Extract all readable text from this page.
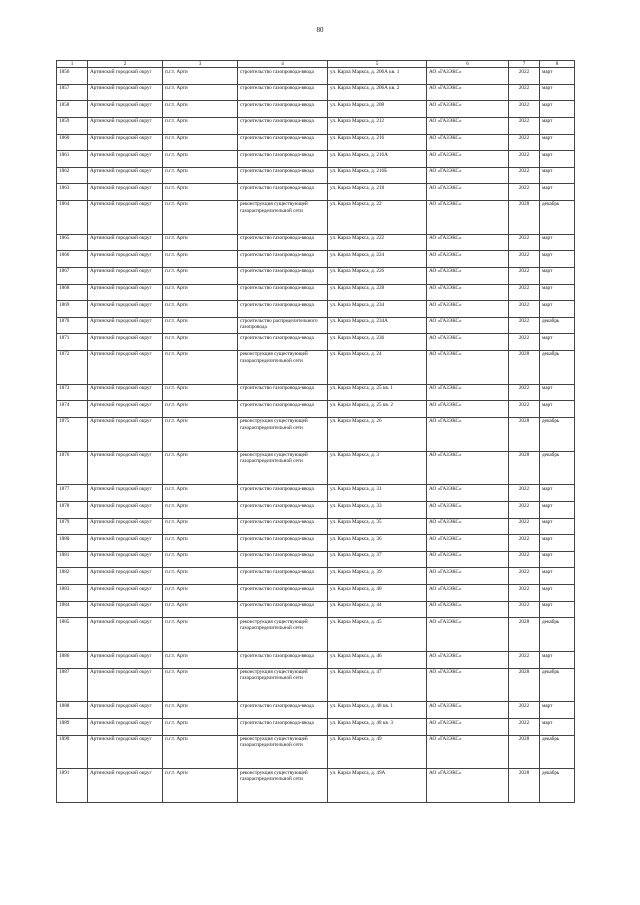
80
1	2	3	4	5	6	7	8
1856	Артинский городской округ	п.г.т. Арти	строительство газопровода-ввода	ул. Карла Маркса, д. 206А кв. 1	АО «ГАЗЭКС»	2022	март
1857	Артинский городской округ	п.г.т. Арти	строительство газопровода-ввода	ул. Карла Маркса, д. 206А кв. 2	АО «ГАЗЭКС»	2022	март
1858	Артинский городской округ	п.г.т. Арти	строительство газопровода-ввода	ул. Карла Маркса, д. 208	АО «ГАЗЭКС»	2022	март
1859	Артинский городской округ	п.г.т. Арти	строительство газопровода-ввода	ул. Карла Маркса, д. 212	АО «ГАЗЭКС»	2022	март
1860	Артинский городской округ	п.г.т. Арти	строительство газопровода-ввода	ул. Карла Маркса, д. 216	АО «ГАЗЭКС»	2022	март
1861	Артинский городской округ	п.г.т. Арти	строительство газопровода-ввода	ул. Карла Маркса, д. 216А	АО «ГАЗЭКС»	2022	март
1862	Артинский городской округ	п.г.т. Арти	строительство газопровода-ввода	ул. Карла Маркса, д. 216Б	АО «ГАЗЭКС»	2022	март
1863	Артинский городской округ	п.г.т. Арти	строительство газопровода-ввода	ул. Карла Маркса, д. 218	АО «ГАЗЭКС»	2022	март
1864	Артинский городской округ	п.г.т. Арти	реконструкция существующей газораспределительной сети	ул. Карла Маркса, д. 22	АО «ГАЗЭКС»	2028	декабрь
1865	Артинский городской округ	п.г.т. Арти	строительство газопровода-ввода	ул. Карла Маркса, д. 222	АО «ГАЗЭКС»	2022	март
1866	Артинский городской округ	п.г.т. Арти	строительство газопровода-ввода	ул. Карла Маркса, д. 224	АО «ГАЗЭКС»	2022	март
1867	Артинский городской округ	п.г.т. Арти	строительство газопровода-ввода	ул. Карла Маркса, д. 226	АО «ГАЗЭКС»	2022	март
1868	Артинский городской округ	п.г.т. Арти	строительство газопровода-ввода	ул. Карла Маркса, д. 228	АО «ГАЗЭКС»	2022	март
1869	Артинский городской округ	п.г.т. Арти	строительство газопровода-ввода	ул. Карла Маркса, д. 234	АО «ГАЗЭКС»	2022	март
1870	Артинский городской округ	п.г.т. Арти	строительство распределительного газопровода	ул. Карла Маркса, д. 234А	АО «ГАЗЭКС»	2022	декабрь
1871	Артинский городской округ	п.г.т. Арти	строительство газопровода-ввода	ул. Карла Маркса, д. 236	АО «ГАЗЭКС»	2022	март
1872	Артинский городской округ	п.г.т. Арти	реконструкция существующей газораспределительной сети	ул. Карла Маркса, д. 24	АО «ГАЗЭКС»	2028	декабрь
1873	Артинский городской округ	п.г.т. Арти	строительство газопровода-ввода	ул. Карла Маркса, д. 25 кв. 1	АО «ГАЗЭКС»	2022	март
1874	Артинский городской округ	п.г.т. Арти	строительство газопровода-ввода	ул. Карла Маркса, д. 25 кв. 2	АО «ГАЗЭКС»	2022	март
1875	Артинский городской округ	п.г.т. Арти	реконструкция существующей газораспределительной сети	ул. Карла Маркса, д. 26	АО «ГАЗЭКС»	2028	декабрь
1876	Артинский городской округ	п.г.т. Арти	реконструкция существующей газораспределительной сети	ул. Карла Маркса, д. 3	АО «ГАЗЭКС»	2028	декабрь
1877	Артинский городской округ	п.г.т. Арти	строительство газопровода-ввода	ул. Карла Маркса, д. 31	АО «ГАЗЭКС»	2022	март
1878	Артинский городской округ	п.г.т. Арти	строительство газопровода-ввода	ул. Карла Маркса, д. 33	АО «ГАЗЭКС»	2022	март
1879	Артинский городской округ	п.г.т. Арти	строительство газопровода-ввода	ул. Карла Маркса, д. 35	АО «ГАЗЭКС»	2022	март
1880	Артинский городской округ	п.г.т. Арти	строительство газопровода-ввода	ул. Карла Маркса, д. 36	АО «ГАЗЭКС»	2022	март
1881	Артинский городской округ	п.г.т. Арти	строительство газопровода-ввода	ул. Карла Маркса, д. 37	АО «ГАЗЭКС»	2022	март
1882	Артинский городской округ	п.г.т. Арти	строительство газопровода-ввода	ул. Карла Маркса, д. 39	АО «ГАЗЭКС»	2022	март
1883	Артинский городской округ	п.г.т. Арти	строительство газопровода-ввода	ул. Карла Маркса, д. 40	АО «ГАЗЭКС»	2022	март
1884	Артинский городской округ	п.г.т. Арти	строительство газопровода-ввода	ул. Карла Маркса, д. 44	АО «ГАЗЭКС»	2022	март
1885	Артинский городской округ	п.г.т. Арти	реконструкция существующей газораспределительной сети	ул. Карла Маркса, д. 45	АО «ГАЗЭКС»	2028	декабрь
1886	Артинский городской округ	п.г.т. Арти	строительство газопровода-ввода	ул. Карла Маркса, д. 46	АО «ГАЗЭКС»	2022	март
1887	Артинский городской округ	п.г.т. Арти	реконструкция существующей газораспределительной сети	ул. Карла Маркса, д. 47	АО «ГАЗЭКС»	2028	декабрь
1888	Артинский городской округ	п.г.т. Арти	строительство газопровода-ввода	ул. Карла Маркса, д. 48 кв. 1	АО «ГАЗЭКС»	2022	март
1889	Артинский городской округ	п.г.т. Арти	строительство газопровода-ввода	ул. Карла Маркса, д. 48 кв. 3	АО «ГАЗЭКС»	2022	март
1890	Артинский городской округ	п.г.т. Арти	реконструкция существующей газораспределительной сети	ул. Карла Маркса, д. 49	АО «ГАЗЭКС»	2028	декабрь
1891	Артинский городской округ	п.г.т. Арти	реконструкция существующей газораспределительной сети	ул. Карла Маркса, д. 49А	АО «ГАЗЭКС»	2028	декабрь
